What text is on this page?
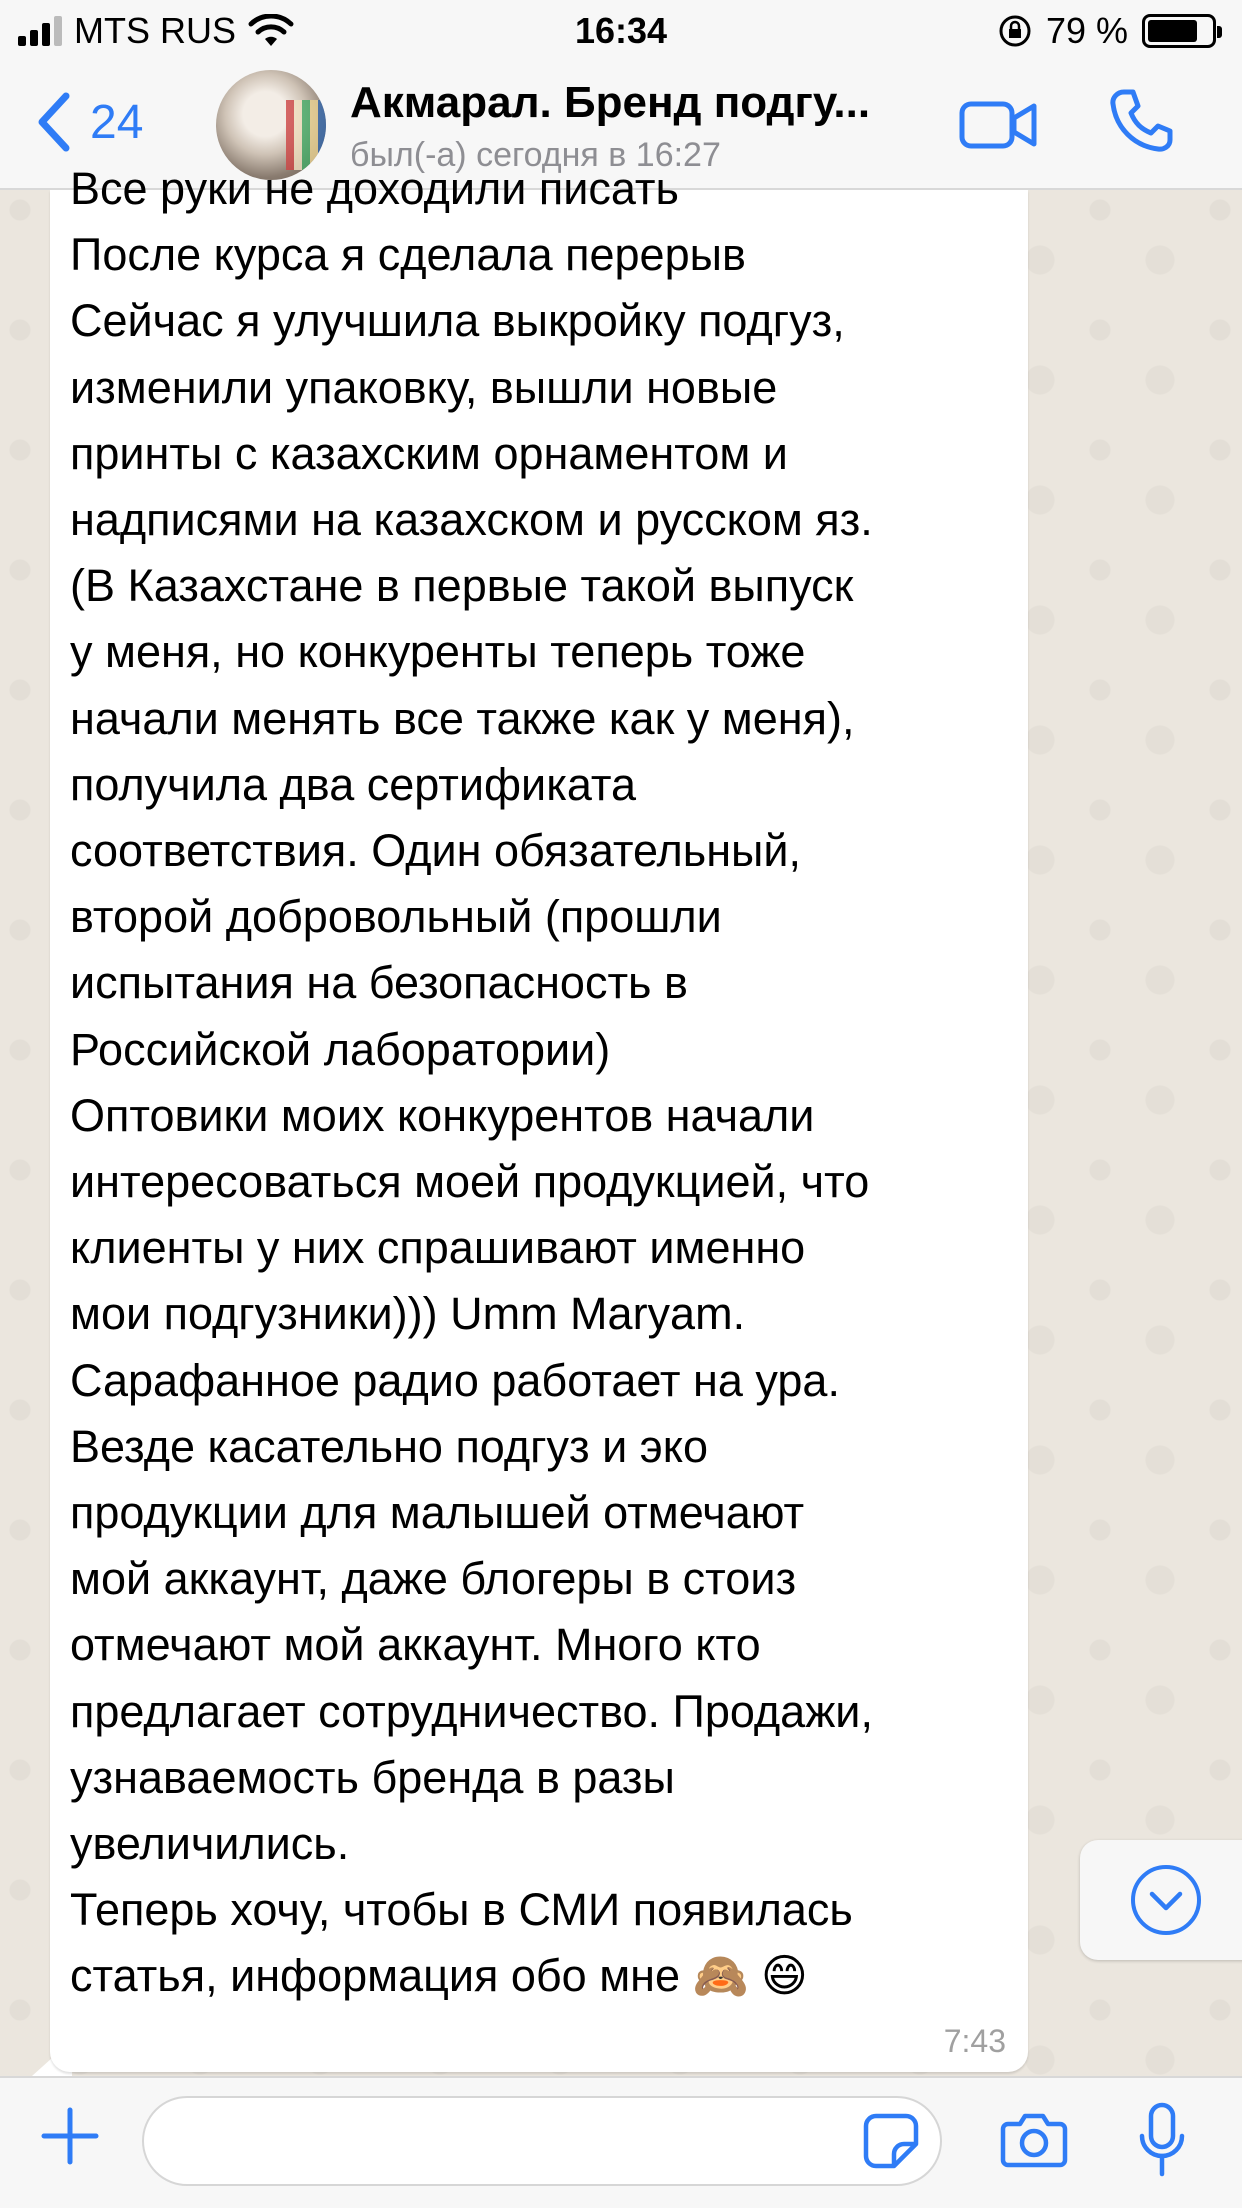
MTS RUS	16:34	79 %
24	Акмарал. Бренд подгу...
был(-а) сегодня в 16:27
Все руки не доходили писать
После курса я сделала перерыв
Сейчас я улучшила выкройку подгуз,
изменили упаковку, вышли новые
принты с казахским орнаментом и
надписями на казахском и русском яз.
(В Казахстане в первые такой выпуск
у меня, но конкуренты теперь тоже
начали менять все также как у меня),
получила два сертификата
соответствия. Один обязательный,
второй добровольный (прошли
испытания на безопасность в
Российской лаборатории)
Оптовики моих конкурентов начали
интересоваться моей продукцией, что
клиенты у них спрашивают именно
мои подгузники))) Umm Maryam.
Сарафанное радио работает на ура.
Везде касательно подгуз и эко
продукции для малышей отмечают
мой аккаунт, даже блогеры в стоиз
отмечают мой аккаунт. Много кто
предлагает сотрудничество. Продажи,
узнаваемость бренда в разы
увеличились.
Теперь хочу, чтобы в СМИ появилась
статья, информация обо мне 🙈 😄
7:43
